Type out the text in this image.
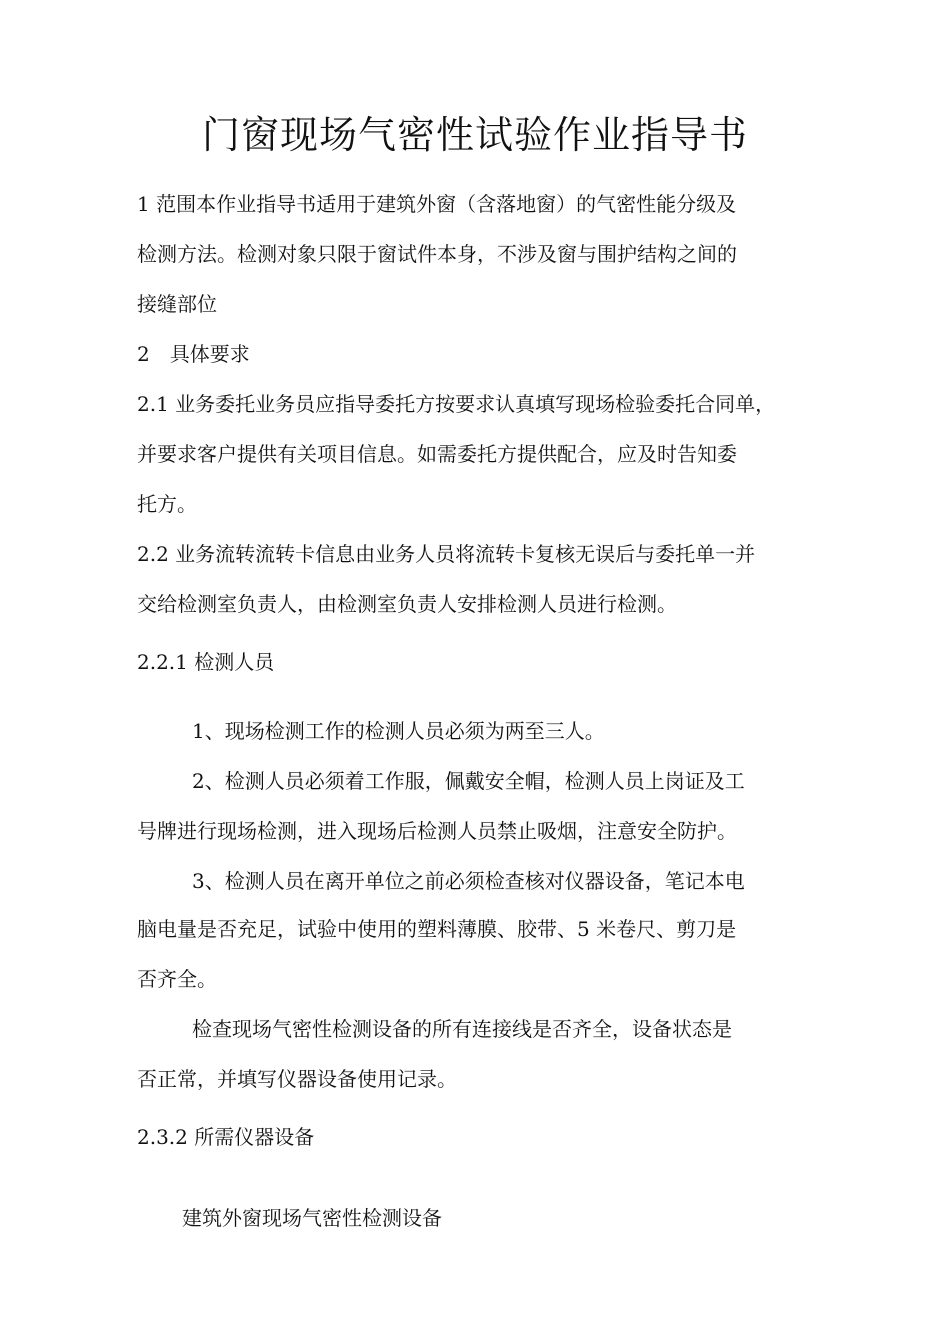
门窗现场气密性试验作业指导书
1 范围本作业指导书适用于建筑外窗（含落地窗）的气密性能分级及
检测方法。检测对象只限于窗试件本身，不涉及窗与围护结构之间的
接缝部位
2　具体要求
2.1 业务委托业务员应指导委托方按要求认真填写现场检验委托合同单，
并要求客户提供有关项目信息。如需委托方提供配合，应及时告知委
托方。
2.2 业务流转流转卡信息由业务人员将流转卡复核无误后与委托单一并
交给检测室负责人，由检测室负责人安排检测人员进行检测。
2.2.1 检测人员
1、现场检测工作的检测人员必须为两至三人。
2、检测人员必须着工作服，佩戴安全帽，检测人员上岗证及工
号牌进行现场检测，进入现场后检测人员禁止吸烟，注意安全防护。
3、检测人员在离开单位之前必须检查核对仪器设备，笔记本电
脑电量是否充足，试验中使用的塑料薄膜、胶带、5 米卷尺、剪刀是
否齐全。
检查现场气密性检测设备的所有连接线是否齐全，设备状态是
否正常，并填写仪器设备使用记录。
2.3.2 所需仪器设备
建筑外窗现场气密性检测设备
